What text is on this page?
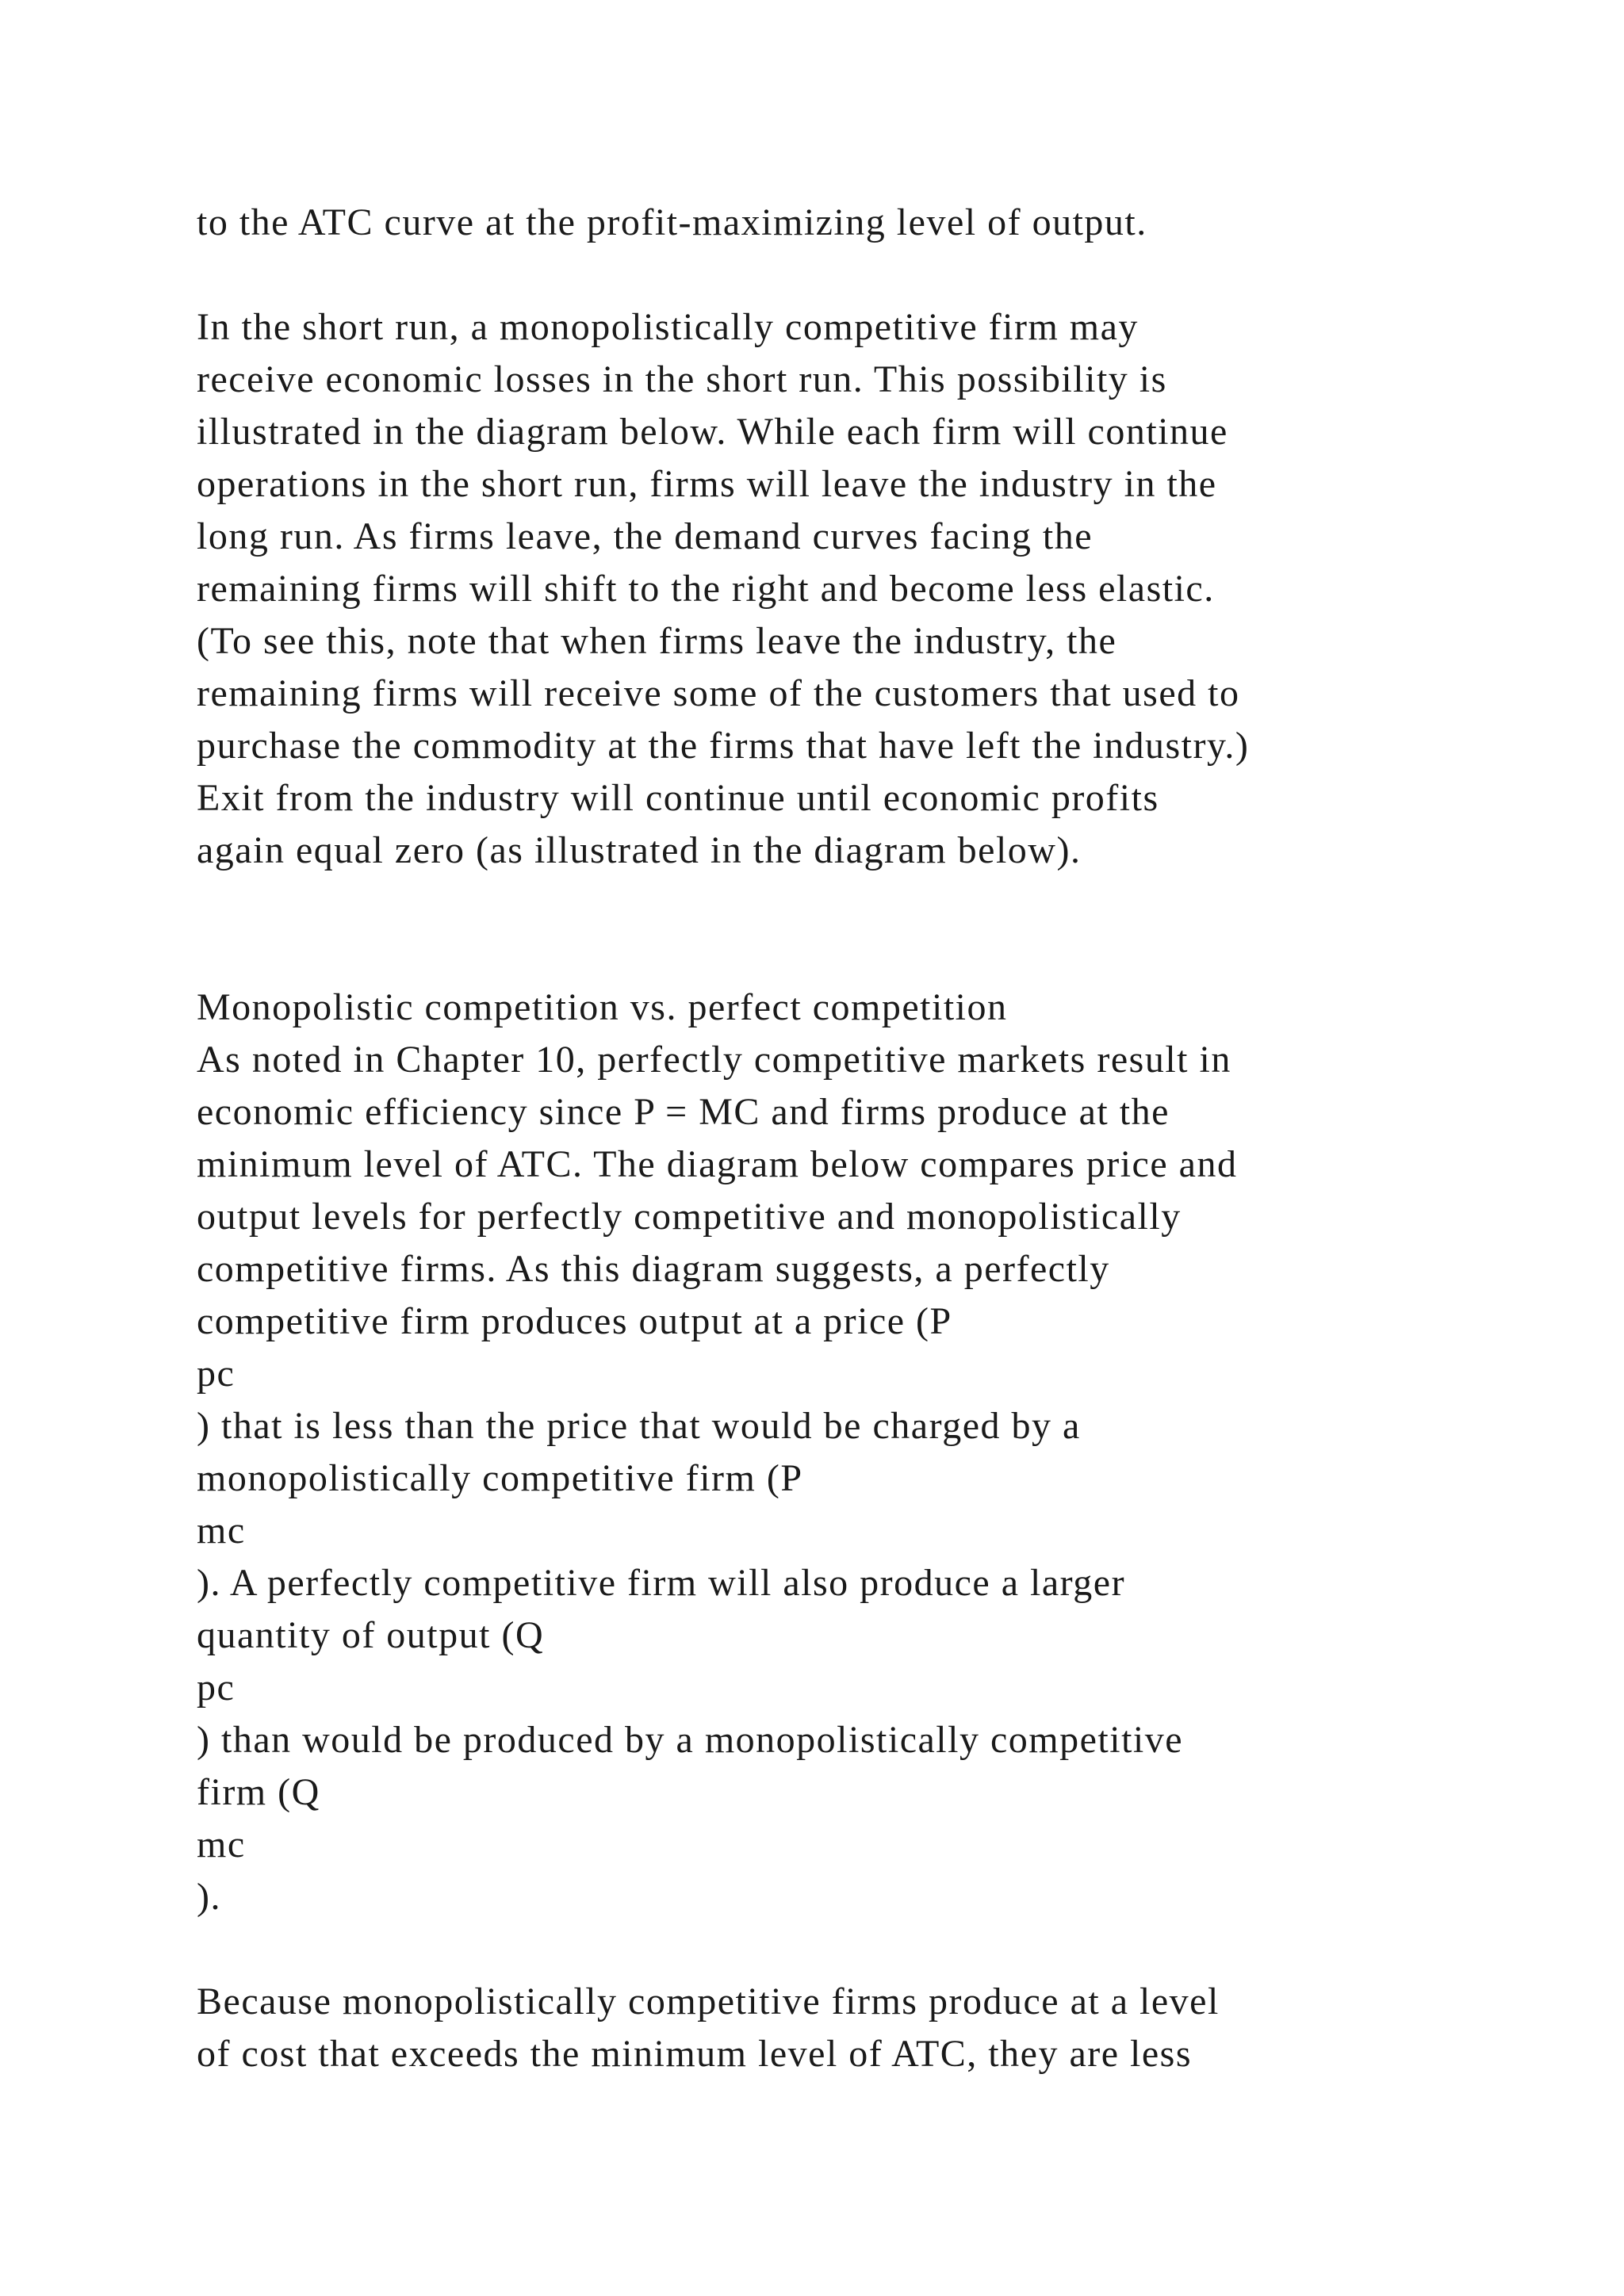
to the ATC curve at the profit-maximizing level of output.
In the short run, a monopolistically competitive firm may
receive economic losses in the short run. This possibility is
illustrated in the diagram below. While each firm will continue
operations in the short run, firms will leave the industry in the
long run. As firms leave, the demand curves facing the
remaining firms will shift to the right and become less elastic.
(To see this, note that when firms leave the industry, the
remaining firms will receive some of the customers that used to
purchase the commodity at the firms that have left the industry.)
Exit from the industry will continue until economic profits
again equal zero (as illustrated in the diagram below).
Monopolistic competition vs. perfect competition
As noted in Chapter 10, perfectly competitive markets result in
economic efficiency since P = MC and firms produce at the
minimum level of ATC. The diagram below compares price and
output levels for perfectly competitive and monopolistically
competitive firms. As this diagram suggests, a perfectly
competitive firm produces output at a price (P
pc
) that is less than the price that would be charged by a
monopolistically competitive firm (P
mc
). A perfectly competitive firm will also produce a larger
quantity of output (Q
pc
) than would be produced by a monopolistically competitive
firm (Q
mc
).
Because monopolistically competitive firms produce at a level
of cost that exceeds the minimum level of ATC, they are less
